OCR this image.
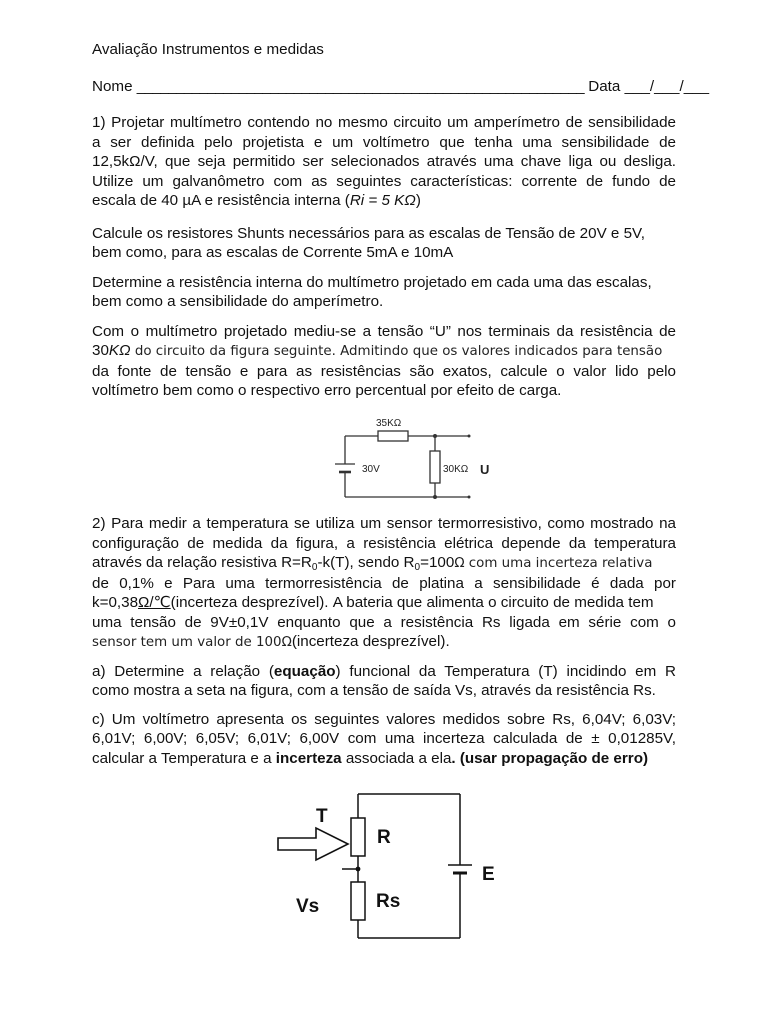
Avaliação Instrumentos e medidas
Nome _________________________________________________________ Data ___/___/___
1) Projetar multímetro contendo no mesmo circuito um amperímetro de sensibilidade
a ser definida pelo projetista e um voltímetro que tenha uma sensibilidade de
12,5kΩ/V, que seja permitido ser selecionados através uma chave liga ou desliga.
Utilize um galvanômetro com as seguintes características: corrente de fundo de
escala de 40 µA e resistência interna (Ri = 5 KΩ)
Calcule os resistores Shunts necessários para as escalas de Tensão de 20V e 5V,
bem como, para as escalas de Corrente 5mA e 10mA
Determine a resistência interna do multímetro projetado em cada uma das escalas,
bem como a sensibilidade do amperímetro.
Com o multímetro projetado mediu-se a tensão “U” nos terminais da resistência de
30KΩ do circuito da figura seguinte. Admitindo que os valores indicados para tensão
da fonte de tensão e para as resistências são exatos, calcule o valor lido pelo
voltímetro bem como o respectivo erro percentual por efeito de carga.
35KΩ
30V	30KΩ U
2) Para medir a temperatura se utiliza um sensor termorresistivo, como mostrado na
configuração de medida da figura, a resistência elétrica depende da temperatura
através da relação resistiva $R=R_0-k(T)$, sendo $R_0=100\Omega$ com uma incerteza relativa
de 0,1% e Para uma termorresistência de platina a sensibilidade é dada por
k=0,38Ω/℃(incerteza desprezível). A bateria que alimenta o circuito de medida tem
uma tensão de 9V±0,1V enquanto que a resistência Rs ligada em série com o
sensor tem um valor de 100Ω(incerteza desprezível).
a) Determine a relação (equação) funcional da Temperatura (T) incidindo em R
como mostra a seta na figura, com a tensão de saída Vs, através da resistência Rs.
c) Um voltímetro apresenta os seguintes valores medidos sobre Rs, 6,04V; 6,03V;
6,01V; 6,00V; 6,05V; 6,01V; 6,00V com uma incerteza calculada de ± 0,01285V,
calcular a Temperatura e a incerteza associada a ela. (usar propagação de erro)
T
R
Vs	Rs
E
